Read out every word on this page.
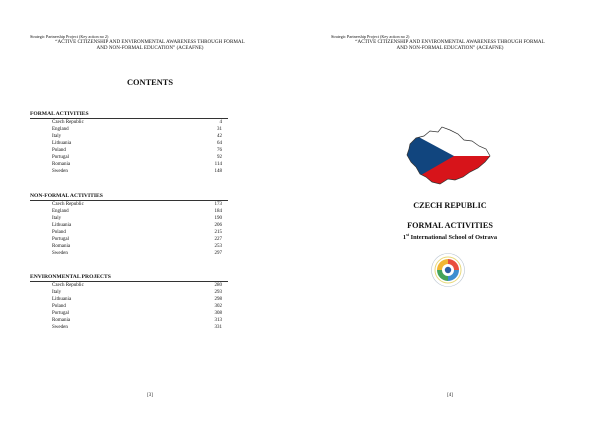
Strategic Partnership Project (Key action no 2)
“ACTIVE CITIZENSHIP AND ENVIRONMENTAL AWARENESS THROUGH FORMAL
AND NON-FORMAL EDUCATION” (ACEAFNE)
CONTENTS
FORMAL ACTIVITIES
Czech Republic	4
England	31
Italy	42
Lithuania	64
Poland	76
Portugal	92
Romania	114
Sweden	148
NON-FORMAL ACTIVITIES
Czech Republic	173
England	184
Italy	190
Lithuania	206
Poland	215
Portugal	227
Romania	253
Sweden	297
ENVIRONMENTAL PROJECTS
Czech Republic	280
Italy	293
Lithuania	298
Poland	302
Portugal	308
Romania	313
Sweden	331
[3]
Strategic Partnership Project (Key action no 2)
“ACTIVE CITIZENSHIP AND ENVIRONMENTAL AWARENESS THROUGH FORMAL
AND NON-FORMAL EDUCATION” (ACEAFNE)
CZECH REPUBLIC
FORMAL ACTIVITIES
1st International School of Ostrava
[4]
